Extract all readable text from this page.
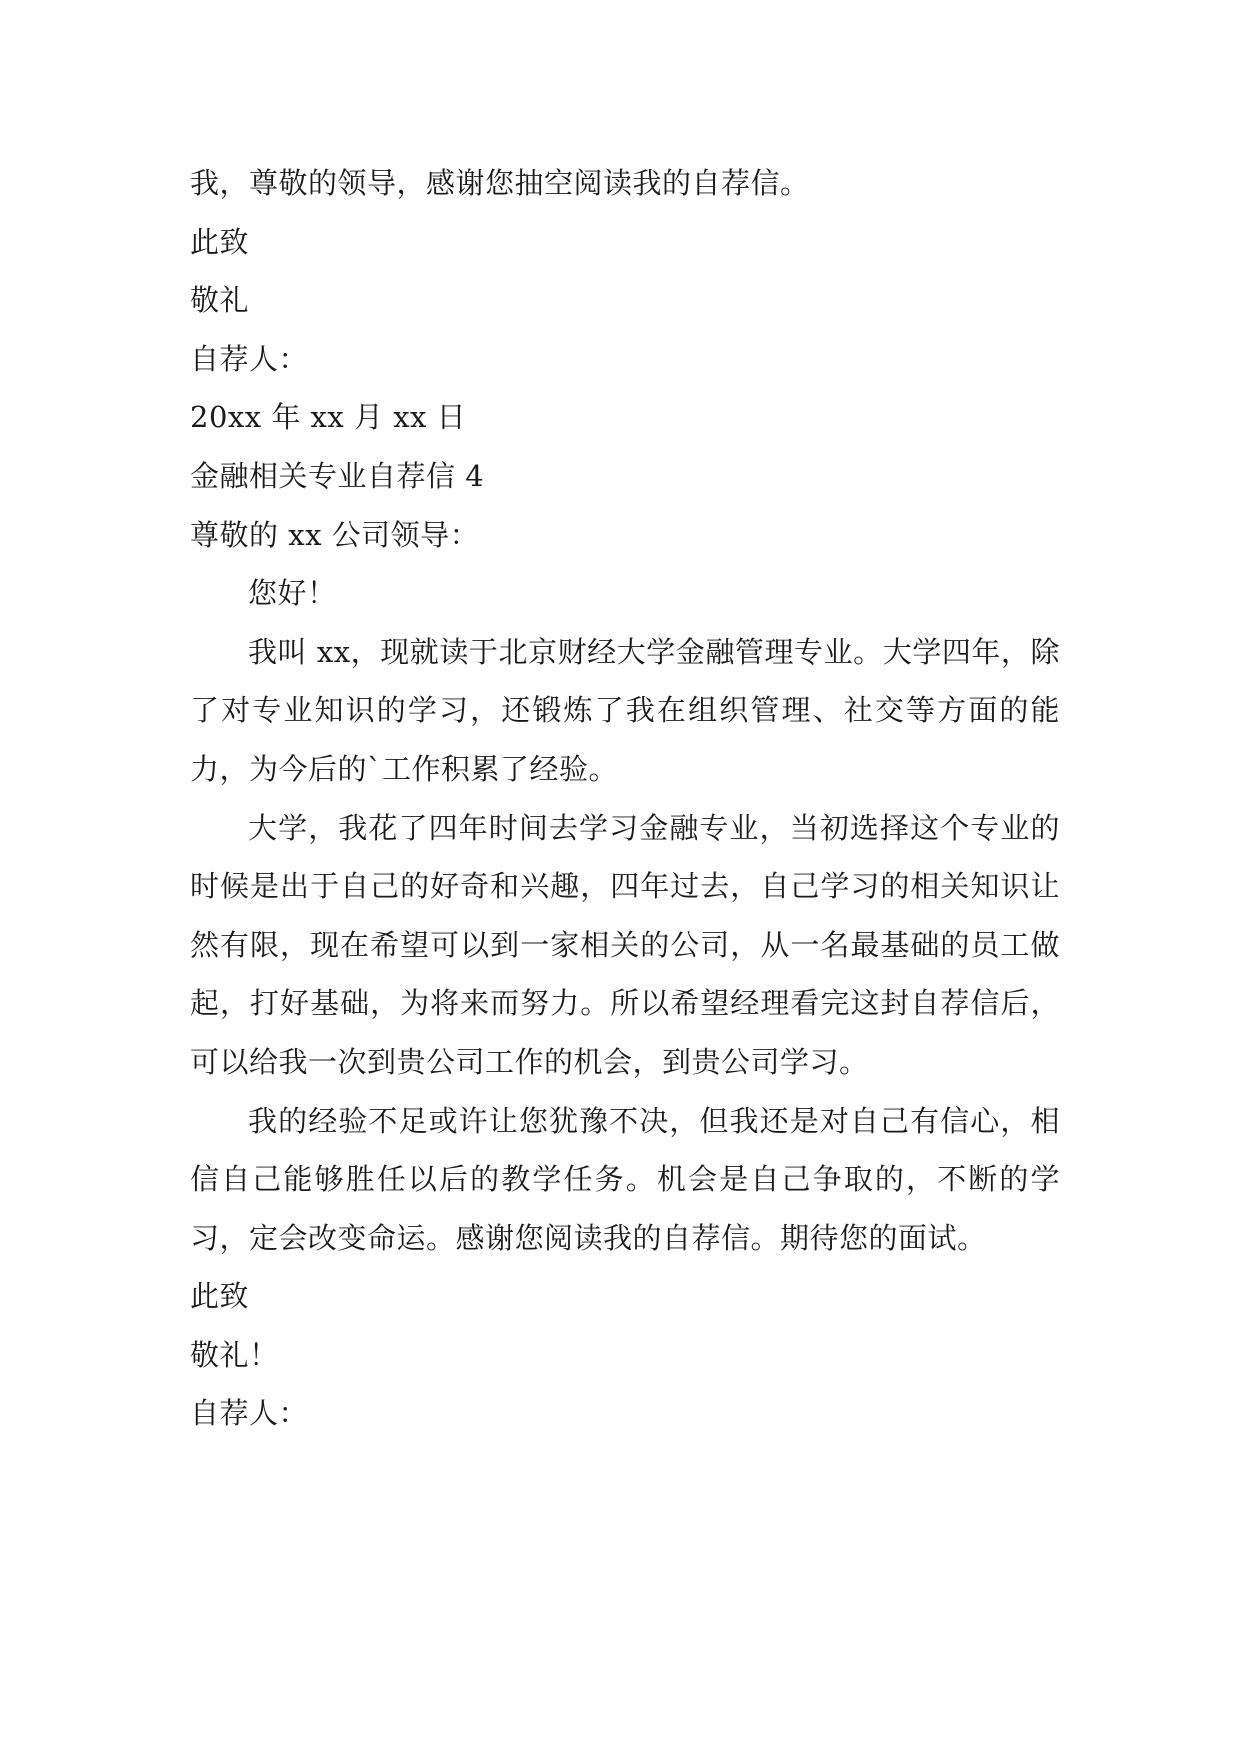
我，尊敬的领导，感谢您抽空阅读我的自荐信。
此致
敬礼
自荐人：
20xx 年 xx 月 xx 日
金融相关专业自荐信 4
尊敬的 xx 公司领导：

您好！

我叫 xx，现就读于北京财经大学金融管理专业。大学四年，除了对专业知识的学习，还锻炼了我在组织管理、社交等方面的能力，为今后的`工作积累了经验。

大学，我花了四年时间去学习金融专业，当初选择这个专业的时候是出于自己的好奇和兴趣，四年过去，自己学习的相关知识让然有限，现在希望可以到一家相关的公司，从一名最基础的员工做起，打好基础，为将来而努力。所以希望经理看完这封自荐信后，可以给我一次到贵公司工作的机会，到贵公司学习。

我的经验不足或许让您犹豫不决，但我还是对自己有信心，相信自己能够胜任以后的教学任务。机会是自己争取的，不断的学习，定会改变命运。感谢您阅读我的自荐信。期待您的面试。

此致
敬礼！
自荐人：
